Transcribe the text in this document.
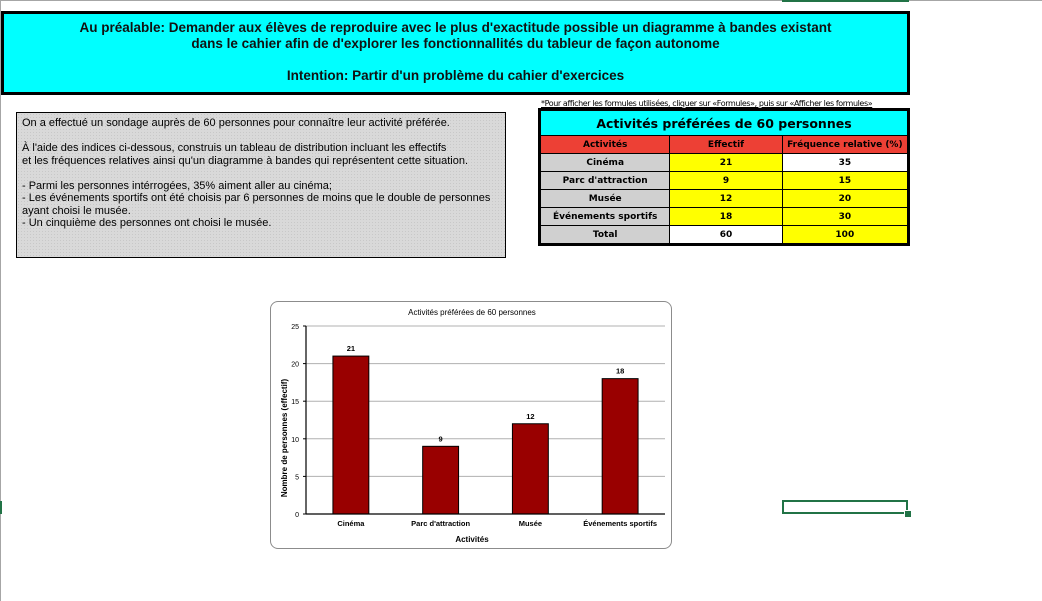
Au préalable: Demander aux élèves de reproduire avec le plus d'exactitude possible un diagramme à bandes existant
dans le cahier afin de d'explorer les fonctionnallités du tableur de façon autonome
Intention: Partir d'un problème du cahier d'exercices

On a effectué un sondage auprès de 60 personnes pour connaître leur activité préférée.

À l'aide des indices ci-dessous, construis un tableau de distribution incluant les effectifs

et les fréquences relatives ainsi qu'un diagramme à bandes qui représentent cette situation.

- Parmi les personnes intérrogées, 35% aiment aller au cinéma;

- Les événements sportifs ont été choisis par 6 personnes de moins que le double de personnes

ayant choisi le musée.

- Un cinquième des personnes ont choisi le musée.

*Pour afficher les formules utilisées, cliquer sur «Formules», puis sur «Afficher les formules»
Activités préférées de 60 personnes		
Activités	Effectif	Fréquence relative (%)
Cinéma	21	35
Parc d'attraction	9	15
Musée	12	20
Événements sportifs	18	30
Total	60	100
Activités préférées de 60 personnes
Activités
Nombre de personnes (effectif)
21
9
12
18
0
5
10
15
20
25
Cinéma	Parc d'attraction	Musée	Événements sportifs
